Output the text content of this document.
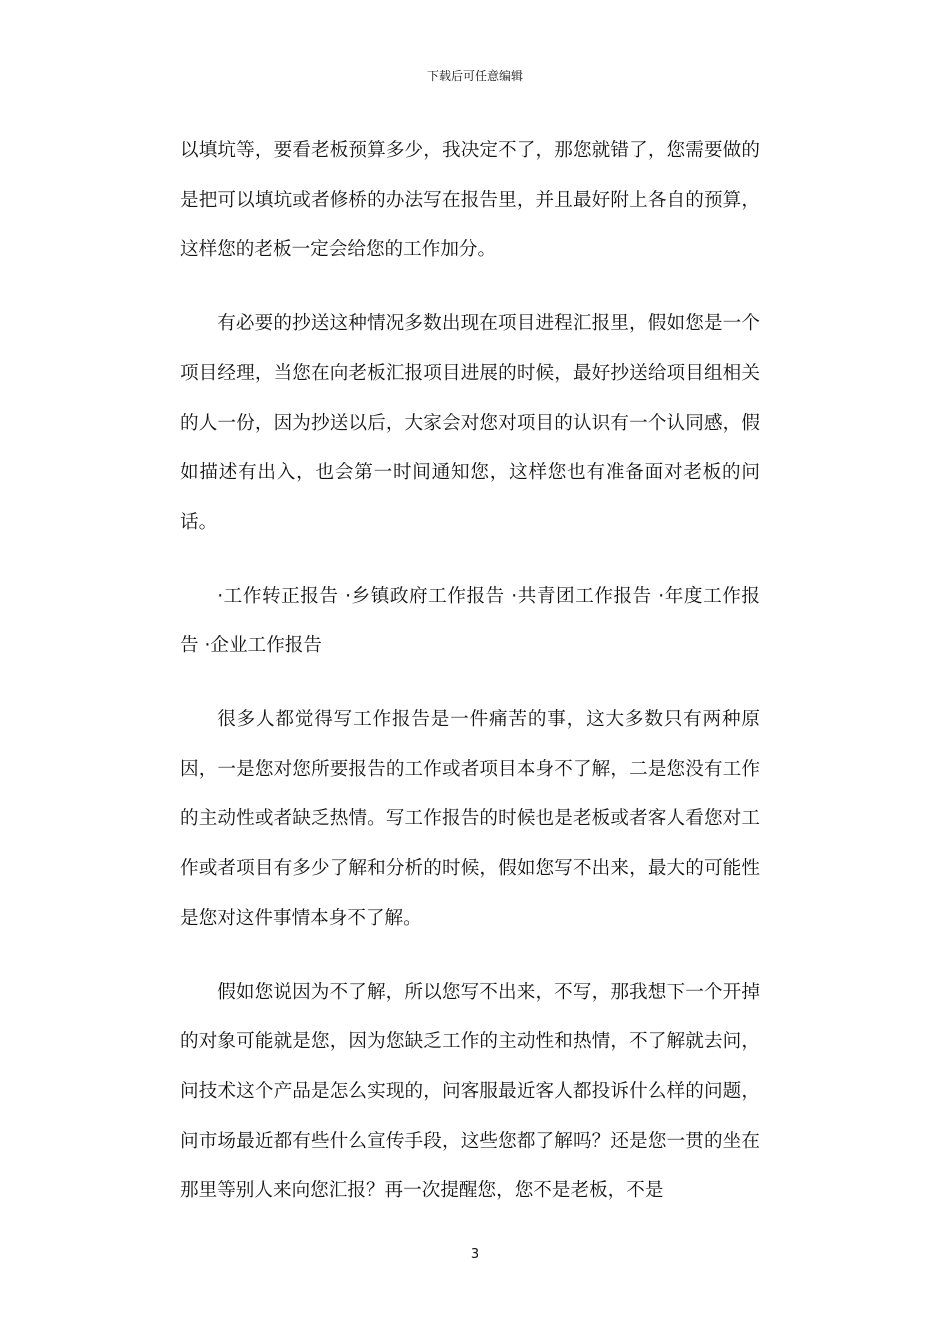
下载后可任意编辑

以填坑等，要看老板预算多少，我决定不了，那您就错了，您需要做的是把可以填坑或者修桥的办法写在报告里，并且最好附上各自的预算，这样您的老板一定会给您的工作加分。

有必要的抄送这种情况多数出现在项目进程汇报里，假如您是一个项目经理，当您在向老板汇报项目进展的时候，最好抄送给项目组相关的人一份，因为抄送以后，大家会对您对项目的认识有一个认同感，假如描述有出入，也会第一时间通知您，这样您也有准备面对老板的问话。

·工作转正报告 ·乡镇政府工作报告 ·共青团工作报告 ·年度工作报告 ·企业工作报告

很多人都觉得写工作报告是一件痛苦的事，这大多数只有两种原因，一是您对您所要报告的工作或者项目本身不了解，二是您没有工作的主动性或者缺乏热情。写工作报告的时候也是老板或者客人看您对工作或者项目有多少了解和分析的时候，假如您写不出来，最大的可能性是您对这件事情本身不了解。

假如您说因为不了解，所以您写不出来，不写，那我想下一个开掉的对象可能就是您，因为您缺乏工作的主动性和热情，不了解就去问，问技术这个产品是怎么实现的，问客服最近客人都投诉什么样的问题，问市场最近都有些什么宣传手段，这些您都了解吗？还是您一贯的坐在那里等别人来向您汇报？再一次提醒您，您不是老板，不是

3
